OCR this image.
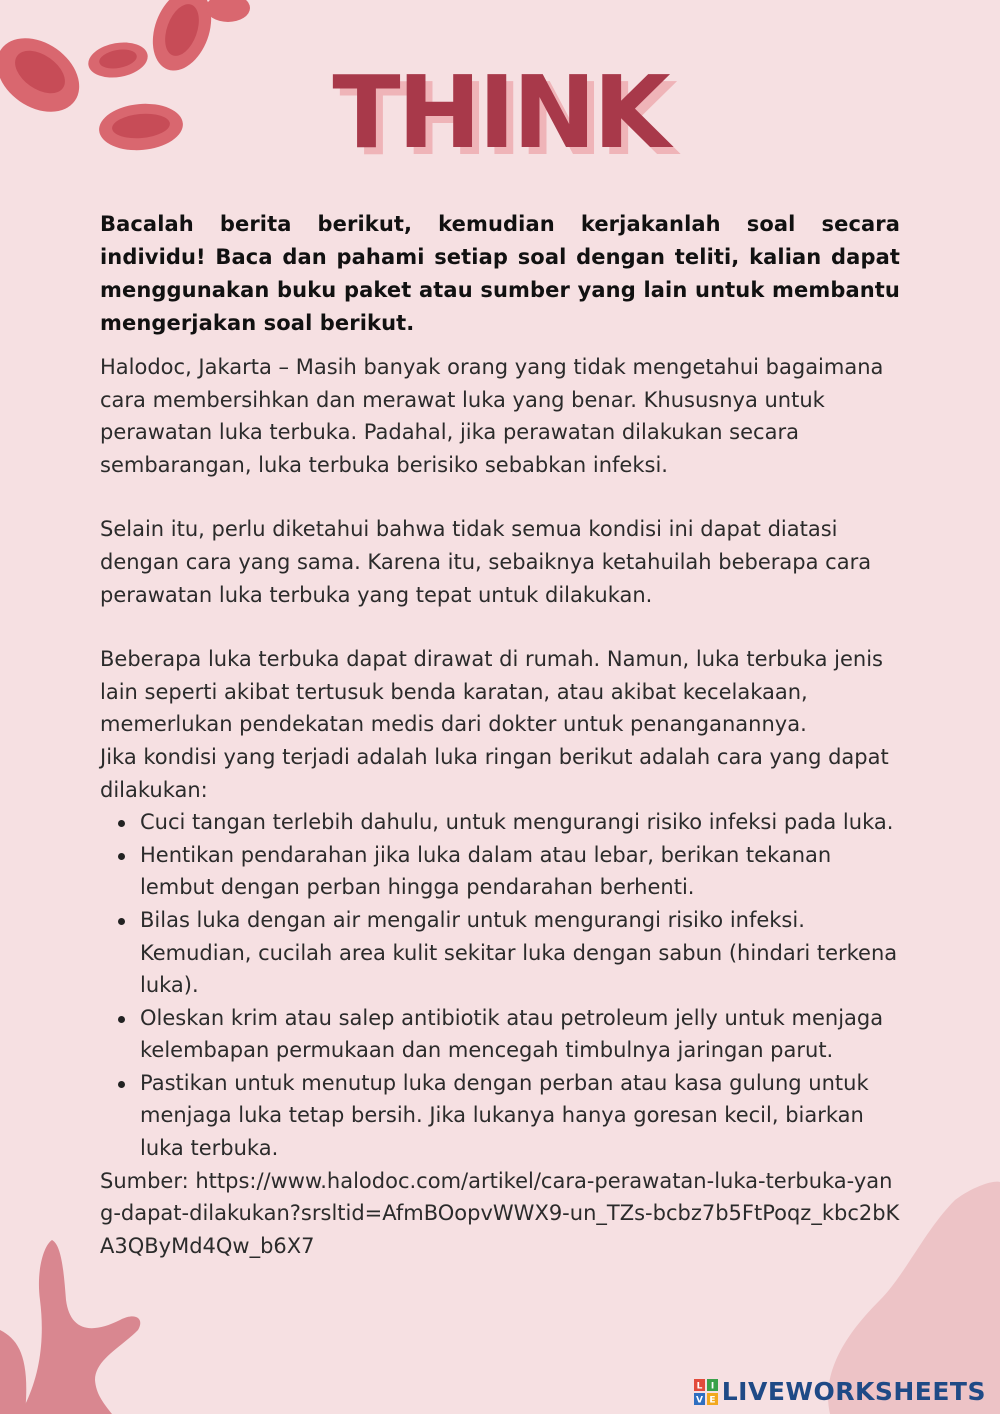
THINK

Bacalah berita berikut, kemudian kerjakanlah soal secara individu! Baca dan pahami setiap soal dengan teliti, kalian dapat menggunakan buku paket atau sumber yang lain untuk membantu mengerjakan soal berikut.

Halodoc, Jakarta – Masih banyak orang yang tidak mengetahui bagaimana cara membersihkan dan merawat luka yang benar. Khususnya untuk perawatan luka terbuka. Padahal, jika perawatan dilakukan secara sembarangan, luka terbuka berisiko sebabkan infeksi.

Selain itu, perlu diketahui bahwa tidak semua kondisi ini dapat diatasi dengan cara yang sama. Karena itu, sebaiknya ketahuilah beberapa cara perawatan luka terbuka yang tepat untuk dilakukan.

Beberapa luka terbuka dapat dirawat di rumah. Namun, luka terbuka jenis lain seperti akibat tertusuk benda karatan, atau akibat kecelakaan, memerlukan pendekatan medis dari dokter untuk penanganannya.

Jika kondisi yang terjadi adalah luka ringan berikut adalah cara yang dapat dilakukan:

Cuci tangan terlebih dahulu, untuk mengurangi risiko infeksi pada luka.
Hentikan pendarahan jika luka dalam atau lebar, berikan tekanan lembut dengan perban hingga pendarahan berhenti.
Bilas luka dengan air mengalir untuk mengurangi risiko infeksi. Kemudian, cucilah area kulit sekitar luka dengan sabun (hindari terkena luka).
Oleskan krim atau salep antibiotik atau petroleum jelly untuk menjaga kelembapan permukaan dan mencegah timbulnya jaringan parut.
Pastikan untuk menutup luka dengan perban atau kasa gulung untuk menjaga luka tetap bersih. Jika lukanya hanya goresan kecil, biarkan luka terbuka.

Sumber: https://www.halodoc.com/artikel/cara-perawatan-luka-terbuka-yang-dapat-dilakukan?srsltid=AfmBOopvWWX9-un_TZs-bcbz7b5FtPoqz_kbc2bKA3QByMd4Qw_b6X7

L I
V E LIVEWORKSHEETS
